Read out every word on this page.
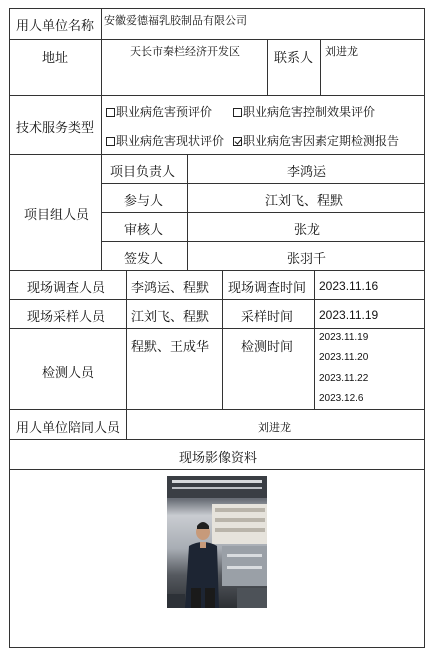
用人单位名称 安徽爱德福乳胶制品有限公司
地址	天长市秦栏经济开发区	联系人 刘进龙
技术服务类型
职业病危害预评价	职业病危害控制效果评价
职业病危害现状评价	职业病危害因素定期检测报告
项目组人员
项目负责人	李鸿运
参与人	江刘飞、程默
审核人	张龙
签发人	张羽千
现场调查人员 李鸿运、程默 现场调查时间 2023.11.16
现场采样人员 江刘飞、程默 采样时间 2023.11.19
检测人员
程默、王成华 检测时间
2023.11.19
2023.11.20
2023.11.22
2023.12.6
用人单位陪同人员	刘进龙
现场影像资料
